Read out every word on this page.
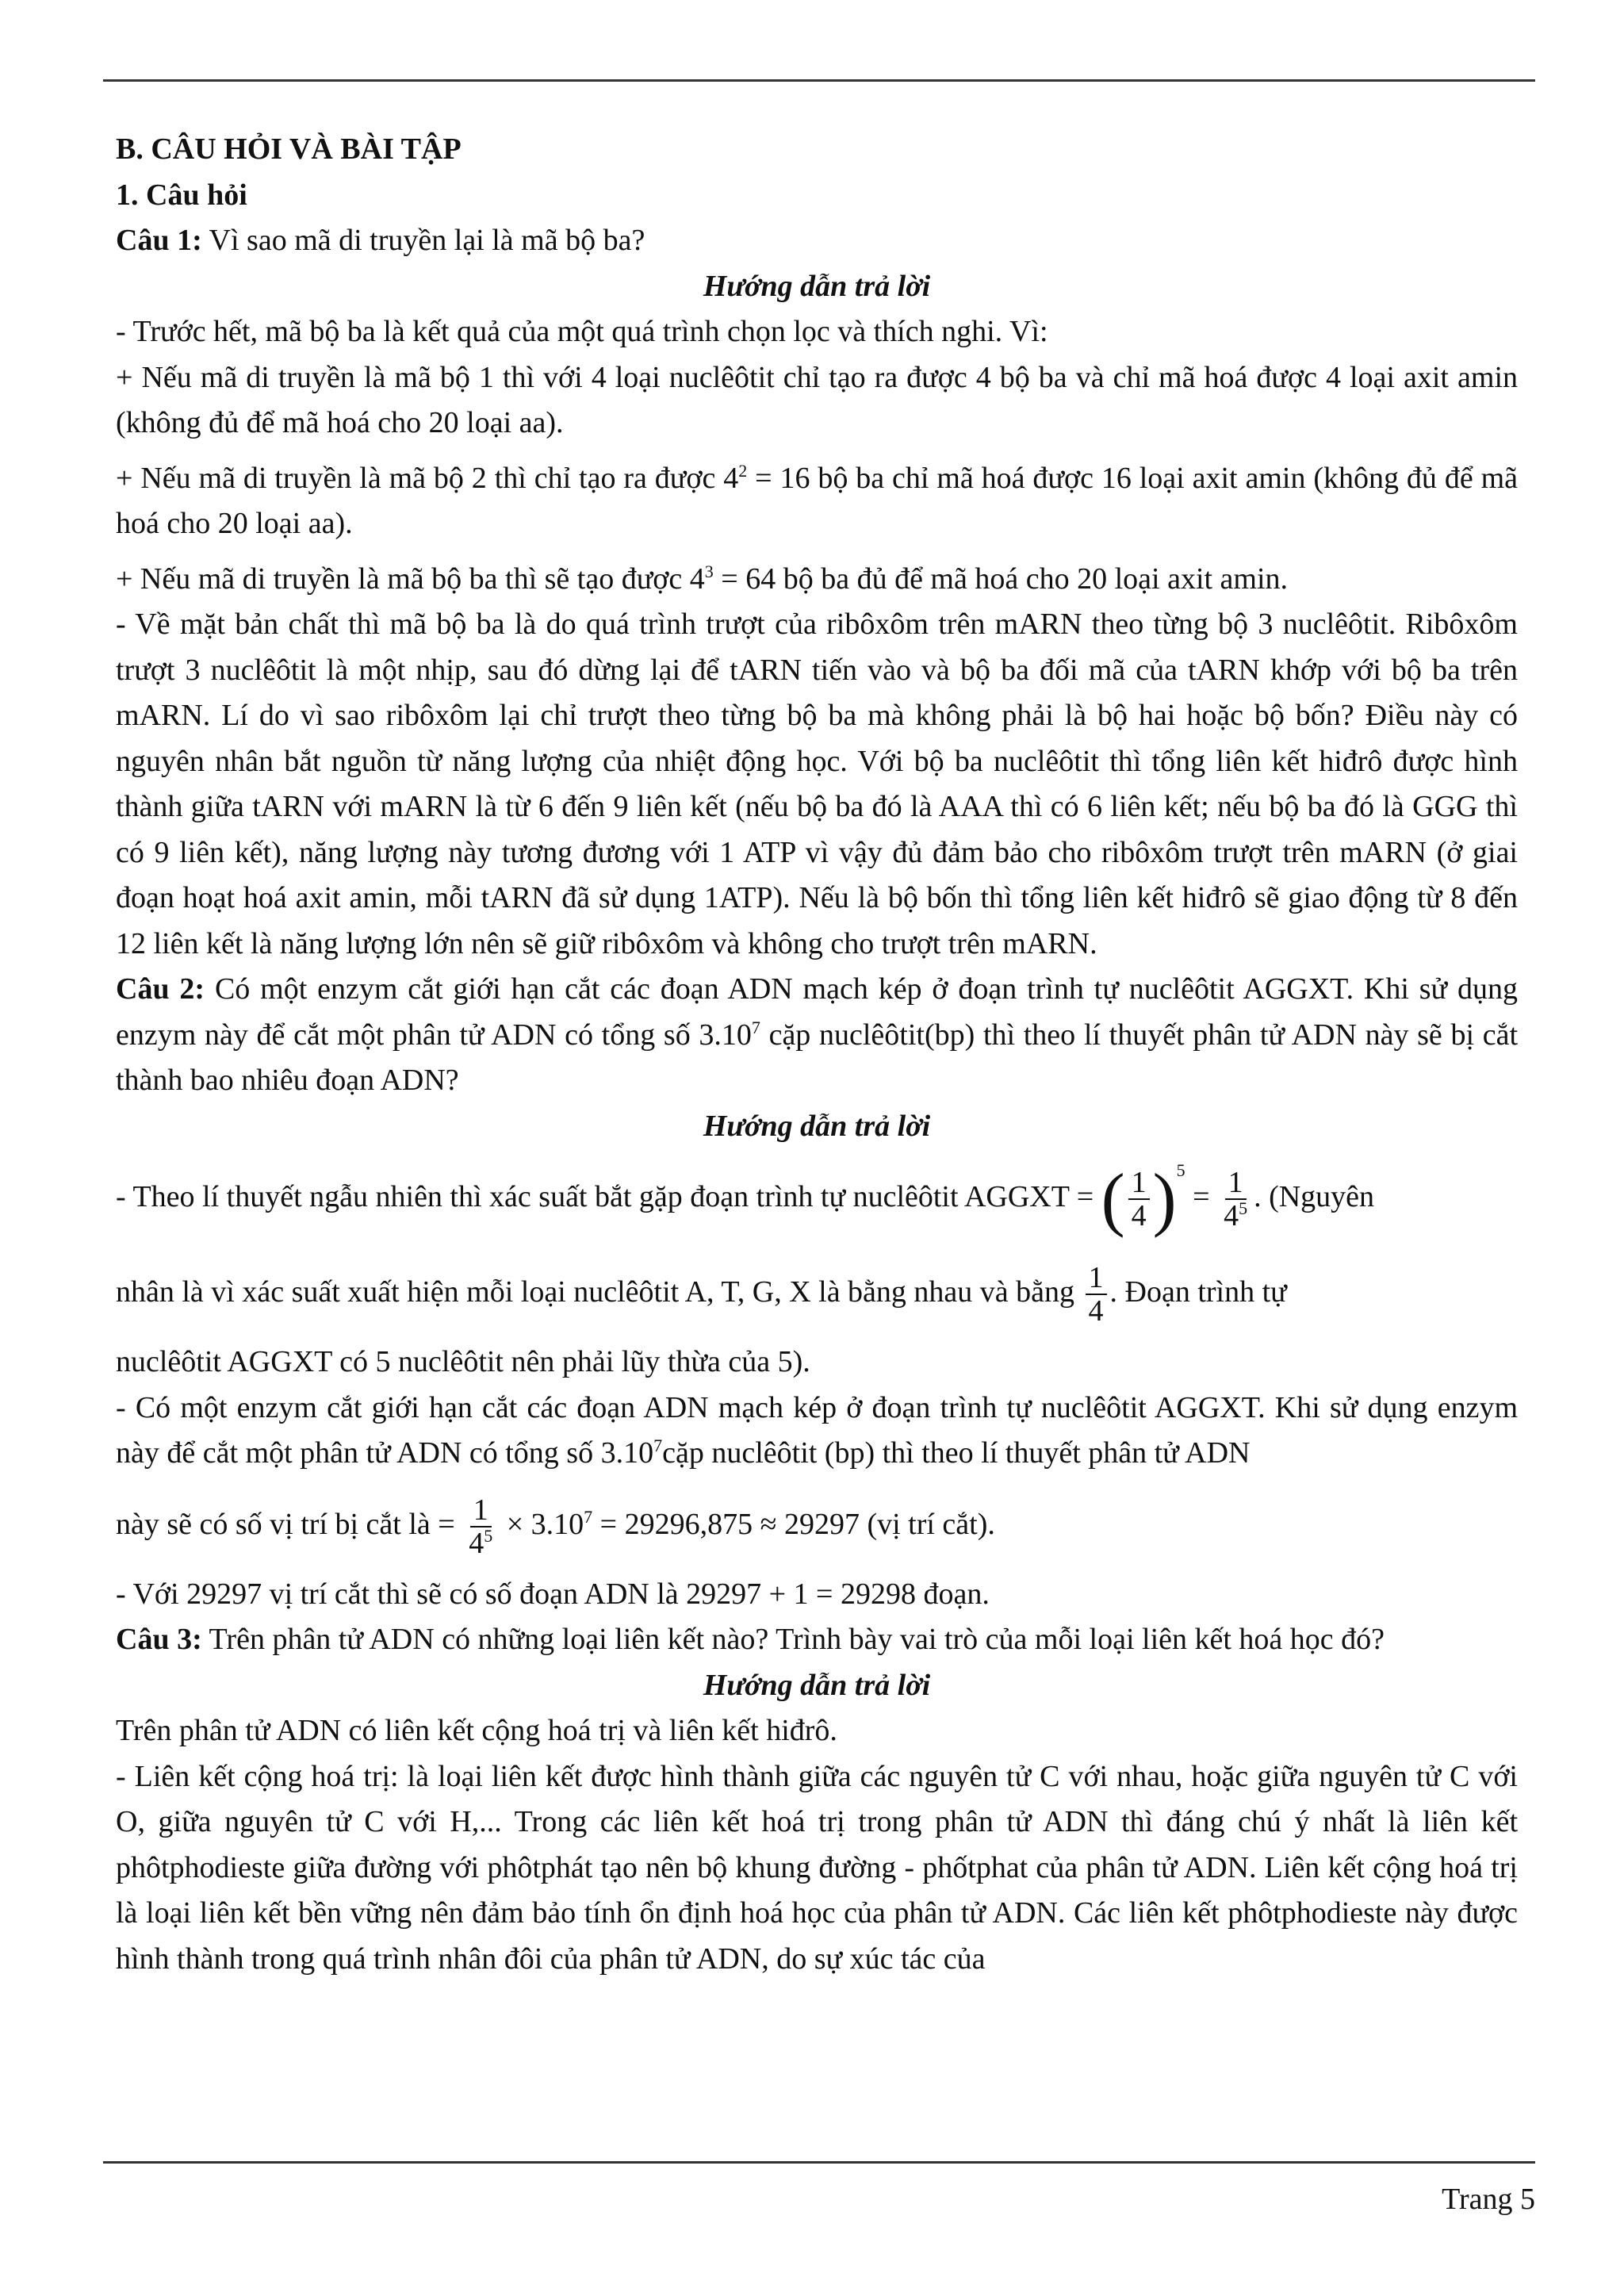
B. CÂU HỎI VÀ BÀI TẬP

1. Câu hỏi

Câu 1: Vì sao mã di truyền lại là mã bộ ba?

Hướng dẫn trả lời

- Trước hết, mã bộ ba là kết quả của một quá trình chọn lọc và thích nghi. Vì:

+ Nếu mã di truyền là mã bộ 1 thì với 4 loại nuclêôtit chỉ tạo ra được 4 bộ ba và chỉ mã hoá được 4 loại axit amin (không đủ để mã hoá cho 20 loại aa).

+ Nếu mã di truyền là mã bộ 2 thì chỉ tạo ra được $4^2 = 16$ bộ ba chỉ mã hoá được 16 loại axit amin (không đủ để mã hoá cho 20 loại aa).

+ Nếu mã di truyền là mã bộ ba thì sẽ tạo được $4^3 = 64$ bộ ba đủ để mã hoá cho 20 loại axit amin.

- Về mặt bản chất thì mã bộ ba là do quá trình trượt của ribôxôm trên mARN theo từng bộ 3 nuclêôtit. Ribôxôm trượt 3 nuclêôtit là một nhịp, sau đó dừng lại để tARN tiến vào và bộ ba đối mã của tARN khớp với bộ ba trên mARN. Lí do vì sao ribôxôm lại chỉ trượt theo từng bộ ba mà không phải là bộ hai hoặc bộ bốn? Điều này có nguyên nhân bắt nguồn từ năng lượng của nhiệt động học. Với bộ ba nuclêôtit thì tổng liên kết hiđrô được hình thành giữa tARN với mARN là từ 6 đến 9 liên kết (nếu bộ ba đó là AAA thì có 6 liên kết; nếu bộ ba đó là GGG thì có 9 liên kết), năng lượng này tương đương với 1 ATP vì vậy đủ đảm bảo cho ribôxôm trượt trên mARN (ở giai đoạn hoạt hoá axit amin, mỗi tARN đã sử dụng 1ATP). Nếu là bộ bốn thì tổng liên kết hiđrô sẽ giao động từ 8 đến 12 liên kết là năng lượng lớn nên sẽ giữ ribôxôm và không cho trượt trên mARN.

Câu 2: Có một enzym cắt giới hạn cắt các đoạn ADN mạch kép ở đoạn trình tự nuclêôtit AGGXT. Khi sử dụng enzym này để cắt một phân tử ADN có tổng số 3.10$^7$ cặp nuclêôtit(bp) thì theo lí thuyết phân tử ADN này sẽ bị cắt thành bao nhiêu đoạn ADN?

Hướng dẫn trả lời

- Theo lí thuyết ngẫu nhiên thì xác suất bắt gặp đoạn trình tự nuclêôtit AGGXT = ( $\frac{1}{4} )^5 = \frac{1}{4^5}$ . (Nguyên

nhân là vì xác suất xuất hiện mỗi loại nuclêôtit A, T, G, X là bằng nhau và bằng $\frac{1}{4}$ . Đoạn trình tự

nuclêôtit AGGXT có 5 nuclêôtit nên phải lũy thừa của 5).

- Có một enzym cắt giới hạn cắt các đoạn ADN mạch kép ở đoạn trình tự nuclêôtit AGGXT. Khi sử dụng enzym này để cắt một phân tử ADN có tổng số 3.10$^7$cặp nuclêôtit (bp) thì theo lí thuyết phân tử ADN

này sẽ có số vị trí bị cắt là = $\frac{1}{4^5} \times 3.10^7 = 29296,875 \approx 29297$ (vị trí cắt).

- Với 29297 vị trí cắt thì sẽ có số đoạn ADN là 29297 + 1 = 29298 đoạn.

Câu 3: Trên phân tử ADN có những loại liên kết nào? Trình bày vai trò của mỗi loại liên kết hoá học đó?

Hướng dẫn trả lời

Trên phân tử ADN có liên kết cộng hoá trị và liên kết hiđrô.

- Liên kết cộng hoá trị: là loại liên kết được hình thành giữa các nguyên tử C với nhau, hoặc giữa nguyên tử C với O, giữa nguyên tử C với H,... Trong các liên kết hoá trị trong phân tử ADN thì đáng chú ý nhất là liên kết phôtphodieste giữa đường với phôtphát tạo nên bộ khung đường - phốtphat của phân tử ADN. Liên kết cộng hoá trị là loại liên kết bền vững nên đảm bảo tính ổn định hoá học của phân tử ADN. Các liên kết phôtphodieste này được hình thành trong quá trình nhân đôi của phân tử ADN, do sự xúc tác của

Trang 5
